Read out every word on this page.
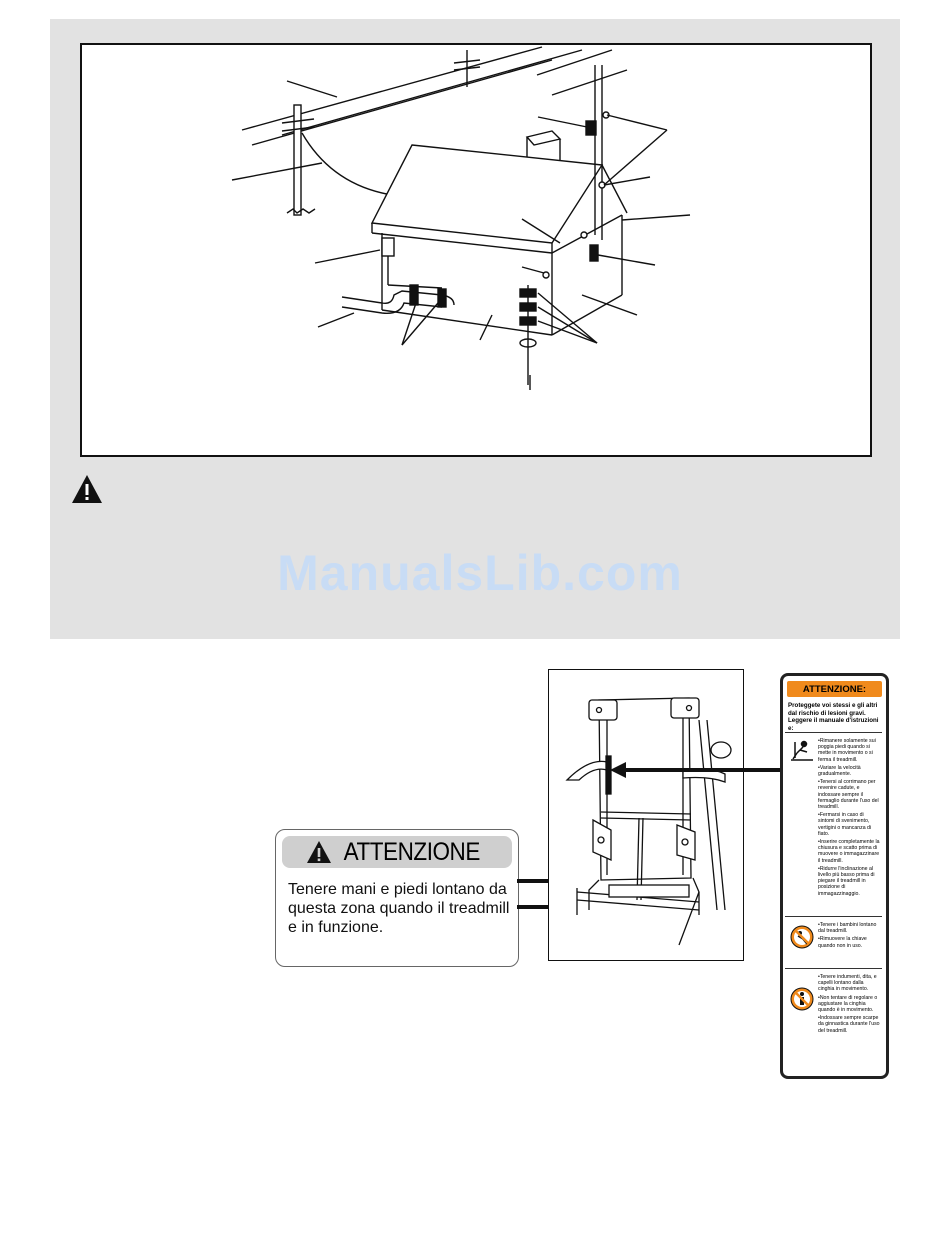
ManualsLib.com
ATTENZIONE
Tenere mani e piedi lontano da questa zona quando il treadmill e in funzione.
ATTENZIONE:
Proteggete voi stessi e gli altri dal rischio di lesioni gravi. Leggere il manuale d'istruzioni e:
•Rimanere solamente sui poggia piedi quando si mette in movimento o si ferma il treadmill.
•Variare la velocità gradualmente.
•Tenersi al corrimano per revenire cadute, e indossare sempre il fermaglio durante l'uso del treadmill.
•Fermarsi in caso di sintomi di svenimento, vertigini o mancanza di fiato.
•Inserire completamente la chiusura e scatto prima di muovere o immagazzinare il treadmill.
•Ridurre l'inclinazione al livello più basso prima di piegare il treadmill in posizione di immagazzinaggio.
•Tenere i bambini lontano dal treadmill.
•Rimuovere la chiave quando non in uso.
•Tenere indumenti, dita, e capelli lontano dalla cinghia in movimento.
•Non tentare di regolare o aggiustare la cinghia quando è in movimento.
•Indossare sempre scarpe da ginnastica durante l'uso del treadmill.
